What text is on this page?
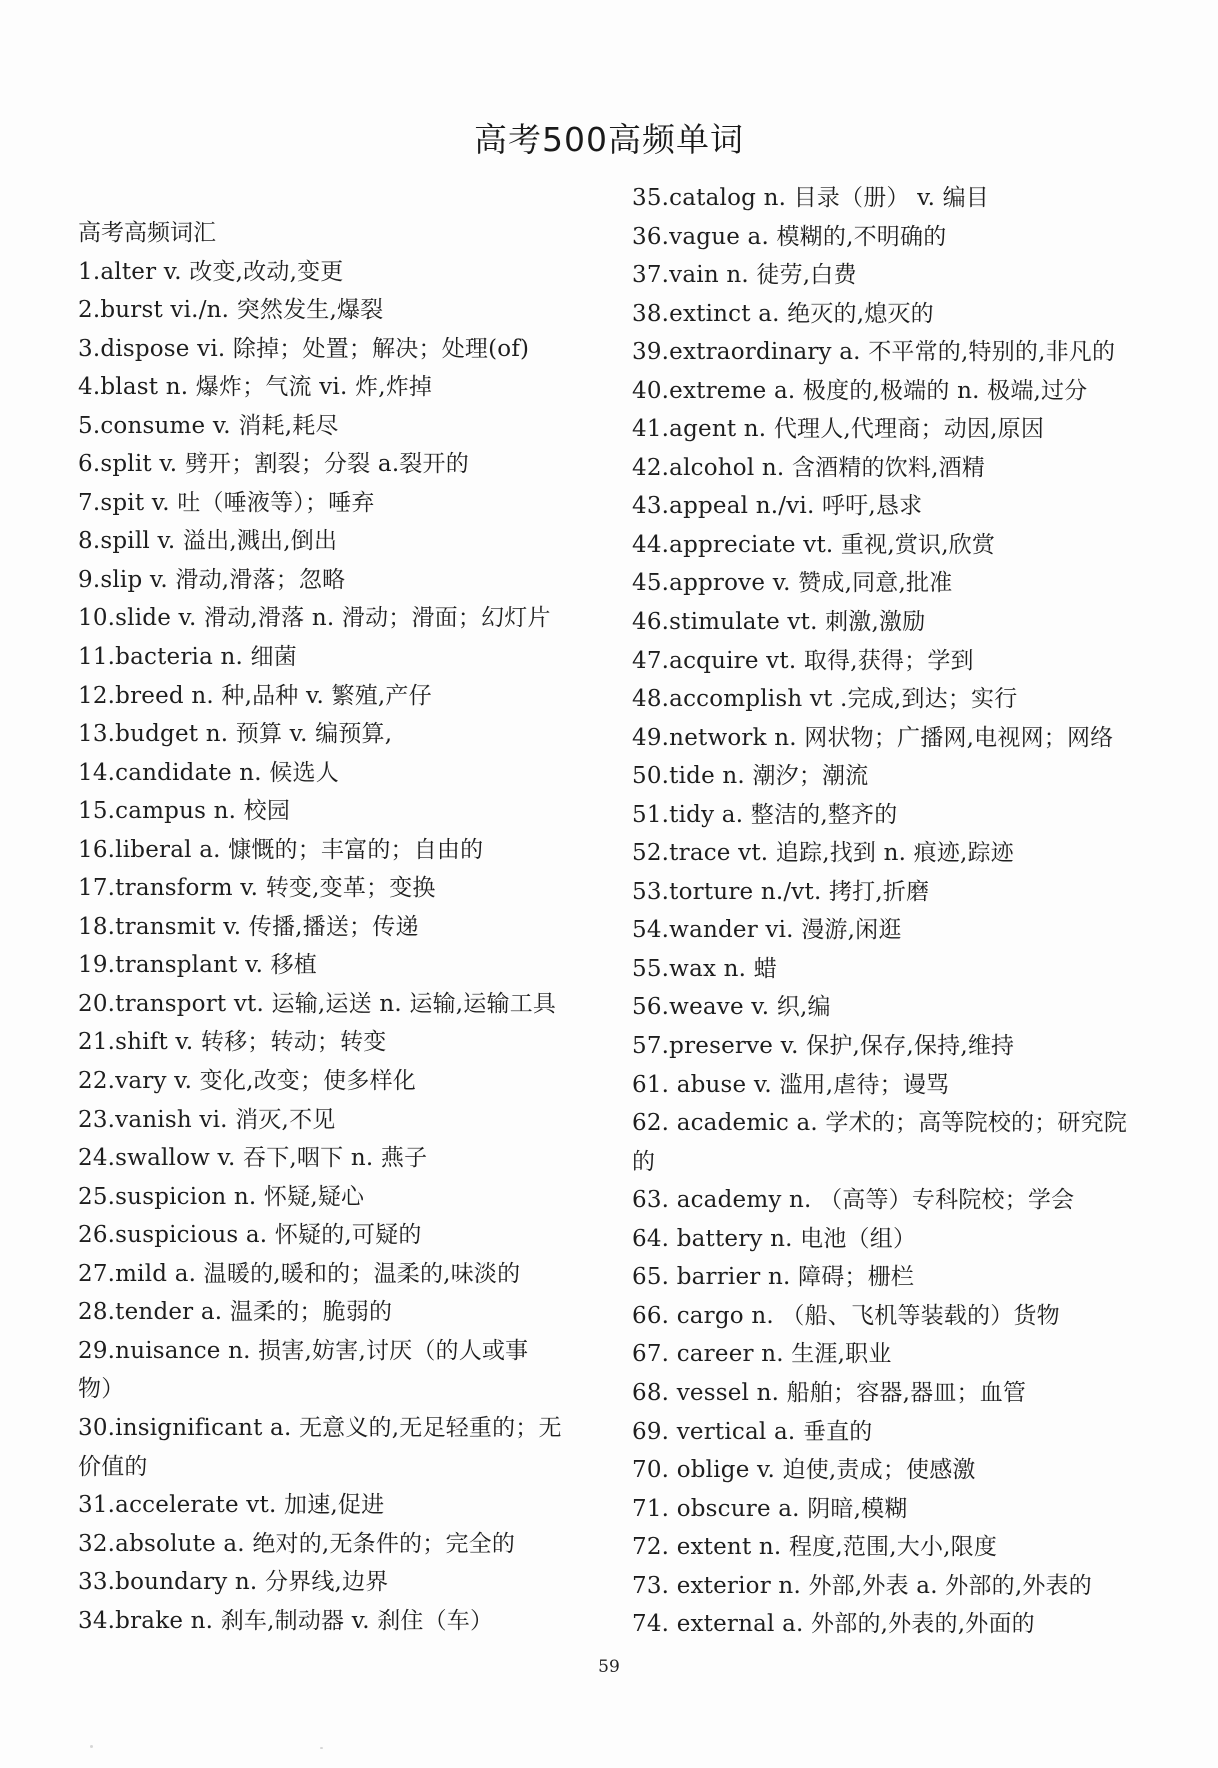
高考500高频单词
高考高频词汇
1.alter v. 改变,改动,变更
2.burst vi./n. 突然发生,爆裂
3.dispose vi. 除掉；处置；解决；处理(of)
4.blast n. 爆炸；气流 vi. 炸,炸掉
5.consume v. 消耗,耗尽
6.split v. 劈开；割裂；分裂 a.裂开的
7.spit v. 吐（唾液等）；唾弃
8.spill v. 溢出,溅出,倒出
9.slip v. 滑动,滑落；忽略
10.slide v. 滑动,滑落 n. 滑动；滑面；幻灯片
11.bacteria n. 细菌
12.breed n. 种,品种 v. 繁殖,产仔
13.budget n. 预算 v. 编预算,
14.candidate n. 候选人
15.campus n. 校园
16.liberal a. 慷慨的；丰富的；自由的
17.transform v. 转变,变革；变换
18.transmit v. 传播,播送；传递
19.transplant v. 移植
20.transport vt. 运输,运送 n. 运输,运输工具
21.shift v. 转移；转动；转变
22.vary v. 变化,改变；使多样化
23.vanish vi. 消灭,不见
24.swallow v. 吞下,咽下 n. 燕子
25.suspicion n. 怀疑,疑心
26.suspicious a. 怀疑的,可疑的
27.mild a. 温暖的,暖和的；温柔的,味淡的
28.tender a. 温柔的；脆弱的
29.nuisance n. 损害,妨害,讨厌（的人或事
物）
30.insignificant a. 无意义的,无足轻重的；无
价值的
31.accelerate vt. 加速,促进
32.absolute a. 绝对的,无条件的；完全的
33.boundary n. 分界线,边界
34.brake n. 刹车,制动器 v. 刹住（车）
35.catalog n. 目录（册） v. 编目
36.vague a. 模糊的,不明确的
37.vain n. 徒劳,白费
38.extinct a. 绝灭的,熄灭的
39.extraordinary a. 不平常的,特别的,非凡的
40.extreme a. 极度的,极端的 n. 极端,过分
41.agent n. 代理人,代理商；动因,原因
42.alcohol n. 含酒精的饮料,酒精
43.appeal n./vi. 呼吁,恳求
44.appreciate vt. 重视,赏识,欣赏
45.approve v. 赞成,同意,批准
46.stimulate vt. 刺激,激励
47.acquire vt. 取得,获得；学到
48.accomplish vt .完成,到达；实行
49.network n. 网状物；广播网,电视网；网络
50.tide n. 潮汐；潮流
51.tidy a. 整洁的,整齐的
52.trace vt. 追踪,找到 n. 痕迹,踪迹
53.torture n./vt. 拷打,折磨
54.wander vi. 漫游,闲逛
55.wax n. 蜡
56.weave v. 织,编
57.preserve v. 保护,保存,保持,维持
61. abuse v. 滥用,虐待；谩骂
62. academic a. 学术的；高等院校的；研究院
的
63. academy n. （高等）专科院校；学会
64. battery n. 电池（组）
65. barrier n. 障碍；栅栏
66. cargo n. （船、飞机等装载的）货物
67. career n. 生涯,职业
68. vessel n. 船舶；容器,器皿；血管
69. vertical a. 垂直的
70. oblige v. 迫使,责成；使感激
71. obscure a. 阴暗,模糊
72. extent n. 程度,范围,大小,限度
73. exterior n. 外部,外表 a. 外部的,外表的
74. external a. 外部的,外表的,外面的
59
